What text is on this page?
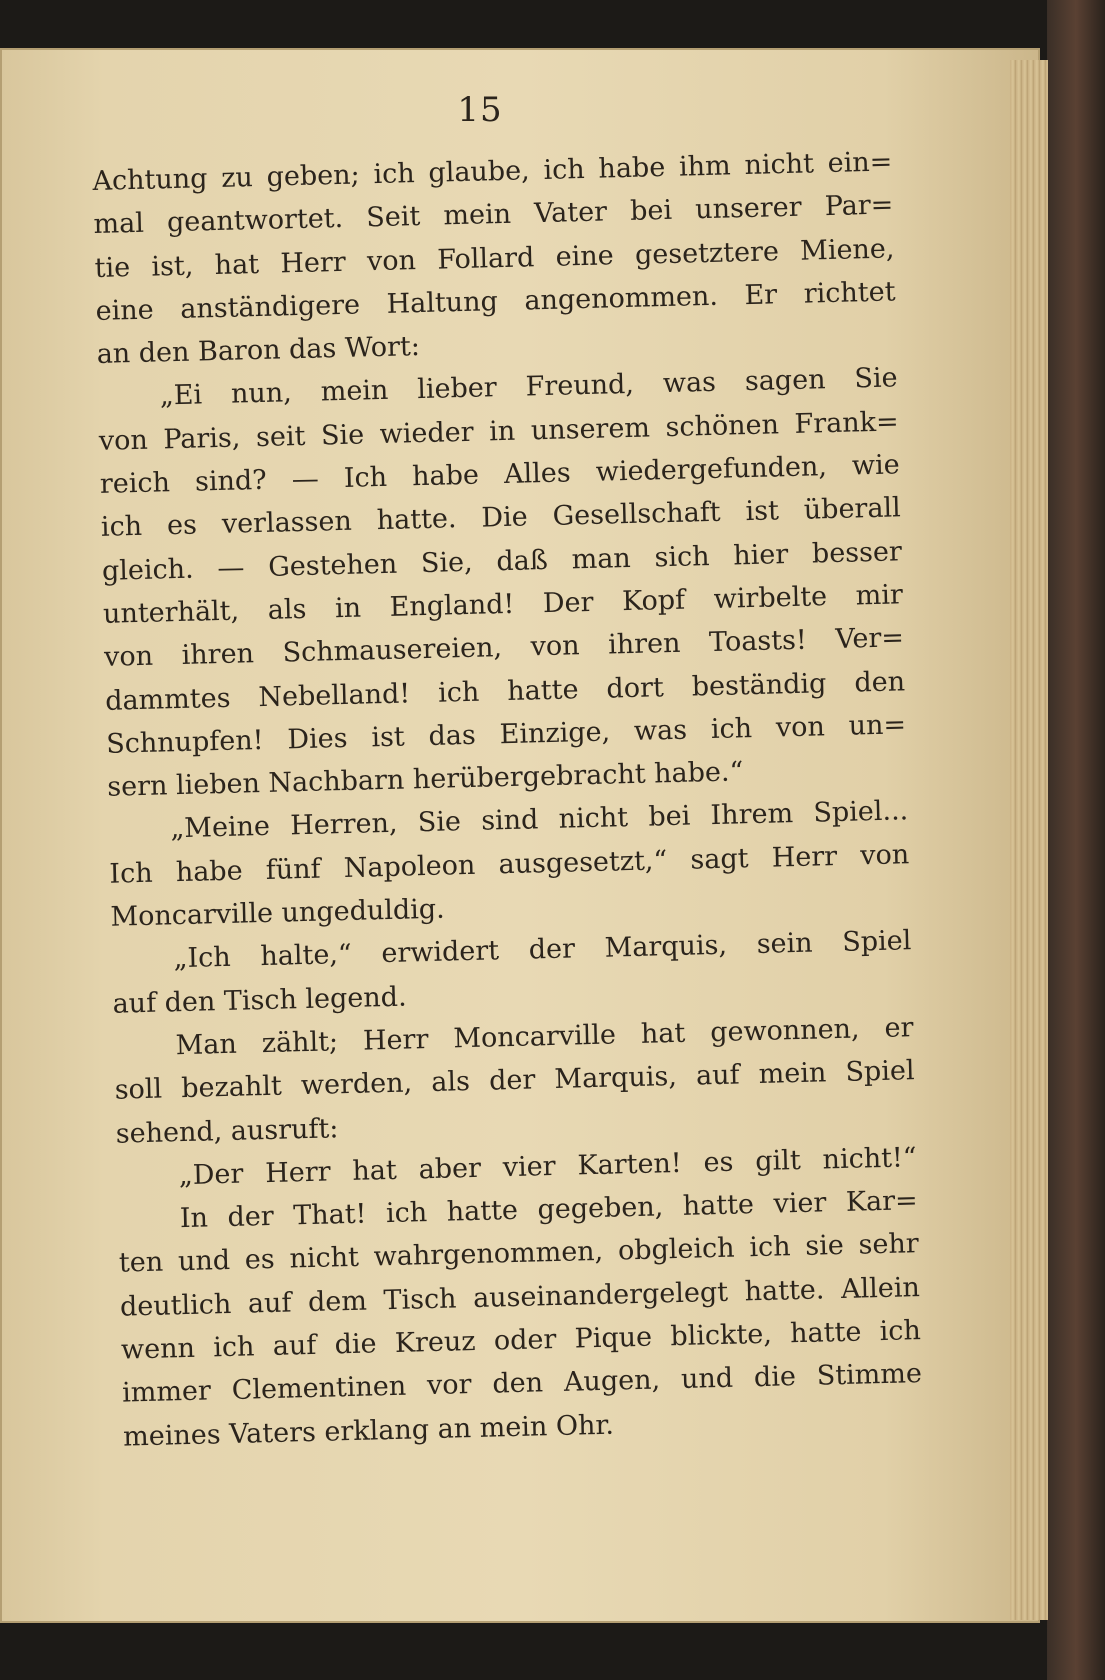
15
Achtung zu geben; ich glaube, ich habe ihm nicht ein=
mal geantwortet. Seit mein Vater bei unserer Par=
tie ist, hat Herr von Follard eine gesetztere Miene,
eine anständigere Haltung angenommen. Er richtet
an den Baron das Wort:
„Ei nun, mein lieber Freund, was sagen Sie
von Paris, seit Sie wieder in unserem schönen Frank=
reich sind? — Ich habe Alles wiedergefunden, wie
ich es verlassen hatte. Die Gesellschaft ist überall
gleich. — Gestehen Sie, daß man sich hier besser
unterhält, als in England! Der Kopf wirbelte mir
von ihren Schmausereien, von ihren Toasts! Ver=
dammtes Nebelland! ich hatte dort beständig den
Schnupfen! Dies ist das Einzige, was ich von un=
sern lieben Nachbarn herübergebracht habe.“
„Meine Herren, Sie sind nicht bei Ihrem Spiel...
Ich habe fünf Napoleon ausgesetzt,“ sagt Herr von
Moncarville ungeduldig.
„Ich halte,“ erwidert der Marquis, sein Spiel
auf den Tisch legend.
Man zählt; Herr Moncarville hat gewonnen, er
soll bezahlt werden, als der Marquis, auf mein Spiel
sehend, ausruft:
„Der Herr hat aber vier Karten! es gilt nicht!“
In der That! ich hatte gegeben, hatte vier Kar=
ten und es nicht wahrgenommen, obgleich ich sie sehr
deutlich auf dem Tisch auseinandergelegt hatte. Allein
wenn ich auf die Kreuz oder Pique blickte, hatte ich
immer Clementinen vor den Augen, und die Stimme
meines Vaters erklang an mein Ohr.
